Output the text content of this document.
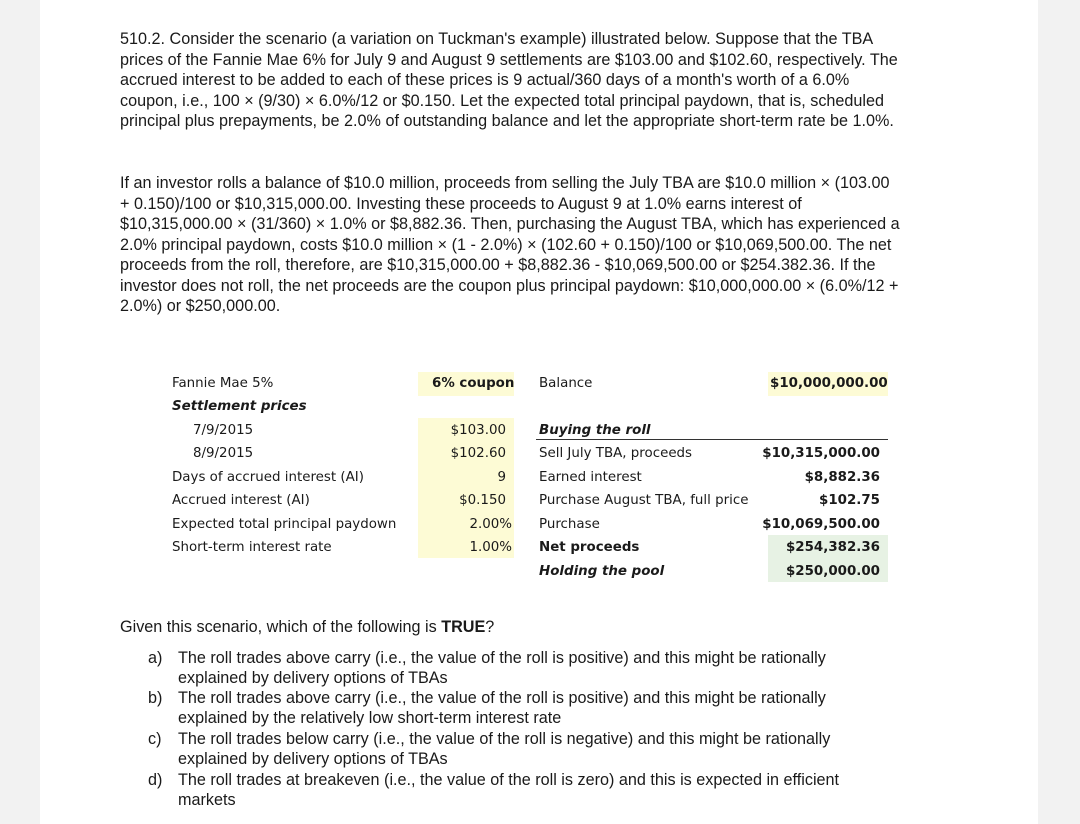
510.2. Consider the scenario (a variation on Tuckman's example) illustrated below. Suppose that the TBA prices of the Fannie Mae 6% for July 9 and August 9 settlements are $103.00 and $102.60, respectively. The accrued interest to be added to each of these prices is 9 actual/360 days of a month's worth of a 6.0% coupon, i.e., 100 × (9/30) × 6.0%/12 or $0.150. Let the expected total principal paydown, that is, scheduled principal plus prepayments, be 2.0% of outstanding balance and let the appropriate short-term rate be 1.0%.

If an investor rolls a balance of $10.0 million, proceeds from selling the July TBA are $10.0 million × (103.00 + 0.150)/100 or $10,315,000.00. Investing these proceeds to August 9 at 1.0% earns interest of $10,315,000.00 × (31/360) × 1.0% or $8,882.36. Then, purchasing the August TBA, which has experienced a 2.0% principal paydown, costs $10.0 million × (1 - 2.0%) × (102.60 + 0.150)/100 or $10,069,500.00. The net proceeds from the roll, therefore, are $10,315,000.00 + $8,882.36 - $10,069,500.00 or $254.382.36. If the investor does not roll, the net proceeds are the coupon plus principal paydown: $10,000,000.00 × (6.0%/12 + 2.0%) or $250,000.00.

Fannie Mae 5%	6% coupon
Settlement prices
7/9/2015	$103.00
8/9/2015	$102.60
Days of accrued interest (AI)	9
Accrued interest (AI)	$0.150
Expected total principal paydown	2.00%
Short-term interest rate	1.00%
Balance	$10,000,000.00
Buying the roll
Sell July TBA, proceeds	$10,315,000.00
Earned interest	$8,882.36
Purchase August TBA, full price	$102.75
Purchase	$10,069,500.00
Net proceeds	$254,382.36
Holding the pool	$250,000.00
Given this scenario, which of the following is TRUE?
a) The roll trades above carry (i.e., the value of the roll is positive) and this might be rationally explained by delivery options of TBAs
b) The roll trades above carry (i.e., the value of the roll is positive) and this might be rationally explained by the relatively low short-term interest rate
c) The roll trades below carry (i.e., the value of the roll is negative) and this might be rationally explained by delivery options of TBAs
d) The roll trades at breakeven (i.e., the value of the roll is zero) and this is expected in efficient markets
